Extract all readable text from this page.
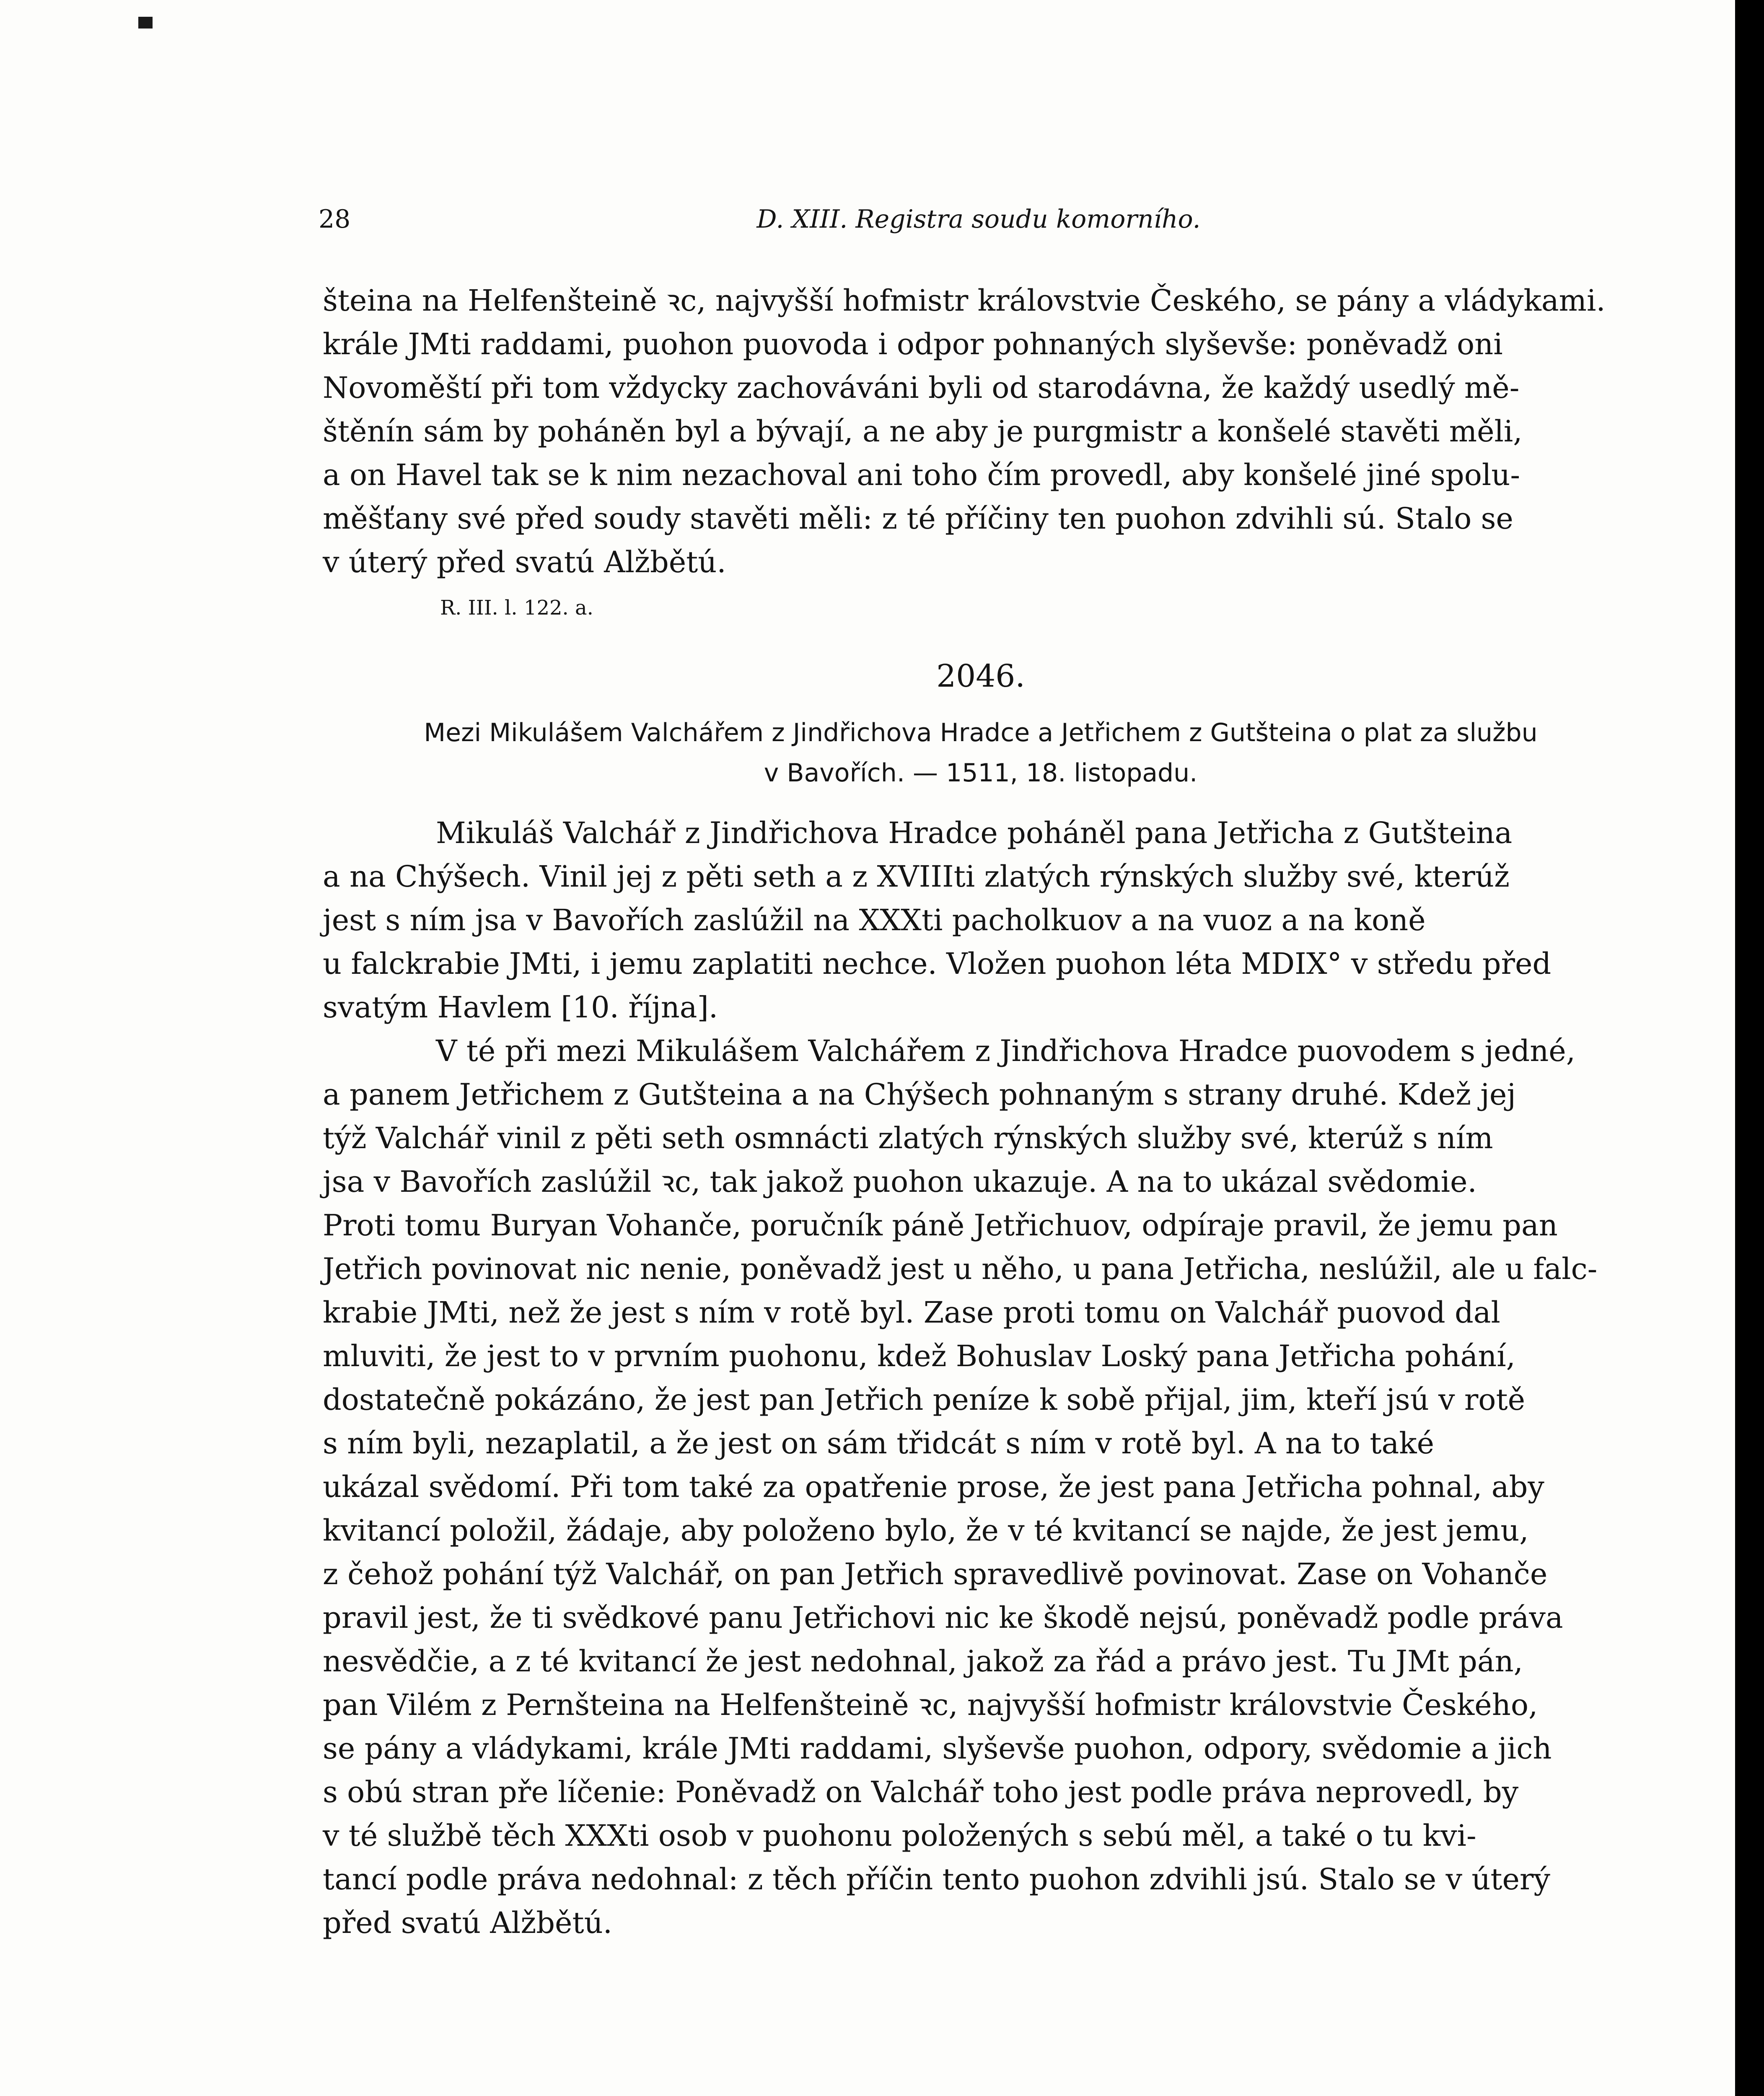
28	D. XIII. Registra soudu komorního.

šteina na Helfenšteině ꝛc, najvyšší hofmistr královstvie Českého, se pány a vládykami.

krále JMti raddami, puohon puovoda i odpor pohnaných slyševše: poněvadž oni

Novoměští při tom vždycky zachováváni byli od starodávna, že každý usedlý mě-

štěnín sám by poháněn byl a bývají, a ne aby je purgmistr a konšelé stavěti měli,

a on Havel tak se k nim nezachoval ani toho čím provedl, aby konšelé jiné spolu-

měšťany své před soudy stavěti měli: z té příčiny ten puohon zdvihli sú. Stalo se

v úterý před svatú Alžbětú.

R. III. l. 122. a.
2046.
Mezi Mikulášem Valchářem z Jindřichova Hradce a Jetřichem z Gutšteina o plat za službu
v Bavořích. — 1511, 18. listopadu.

Mikuláš Valchář z Jindřichova Hradce poháněl pana Jetřicha z Gutšteina

a na Chýšech. Vinil jej z pěti seth a z XVIIIti zlatých rýnských služby své, kterúž

jest s ním jsa v Bavořích zaslúžil na XXXti pacholkuov a na vuoz a na koně

u falckrabie JMti, i jemu zaplatiti nechce. Vložen puohon léta MDIX° v středu před

svatým Havlem [10. října].

V té při mezi Mikulášem Valchářem z Jindřichova Hradce puovodem s jedné,

a panem Jetřichem z Gutšteina a na Chýšech pohnaným s strany druhé. Kdež jej

týž Valchář vinil z pěti seth osmnácti zlatých rýnských služby své, kterúž s ním

jsa v Bavořích zaslúžil ꝛc, tak jakož puohon ukazuje. A na to ukázal svědomie.

Proti tomu Buryan Vohanče, poručník páně Jetřichuov, odpíraje pravil, že jemu pan

Jetřich povinovat nic nenie, poněvadž jest u něho, u pana Jetřicha, neslúžil, ale u falc-

krabie JMti, než že jest s ním v rotě byl. Zase proti tomu on Valchář puovod dal

mluviti, že jest to v prvním puohonu, kdež Bohuslav Loský pana Jetřicha pohání,

dostatečně pokázáno, že jest pan Jetřich peníze k sobě přijal, jim, kteří jsú v rotě

s ním byli, nezaplatil, a že jest on sám třidcát s ním v rotě byl. A na to také

ukázal svědomí. Při tom také za opatřenie prose, že jest pana Jetřicha pohnal, aby

kvitancí položil, žádaje, aby položeno bylo, že v té kvitancí se najde, že jest jemu,

z čehož pohání týž Valchář, on pan Jetřich spravedlivě povinovat. Zase on Vohanče

pravil jest, že ti svědkové panu Jetřichovi nic ke škodě nejsú, poněvadž podle práva

nesvědčie, a z té kvitancí že jest nedohnal, jakož za řád a právo jest. Tu JMt pán,

pan Vilém z Pernšteina na Helfenšteině ꝛc, najvyšší hofmistr královstvie Českého,

se pány a vládykami, krále JMti raddami, slyševše puohon, odpory, svědomie a jich

s obú stran pře líčenie: Poněvadž on Valchář toho jest podle práva neprovedl, by

v té službě těch XXXti osob v puohonu položených s sebú měl, a také o tu kvi-

tancí podle práva nedohnal: z těch příčin tento puohon zdvihli jsú. Stalo se v úterý

před svatú Alžbětú.
